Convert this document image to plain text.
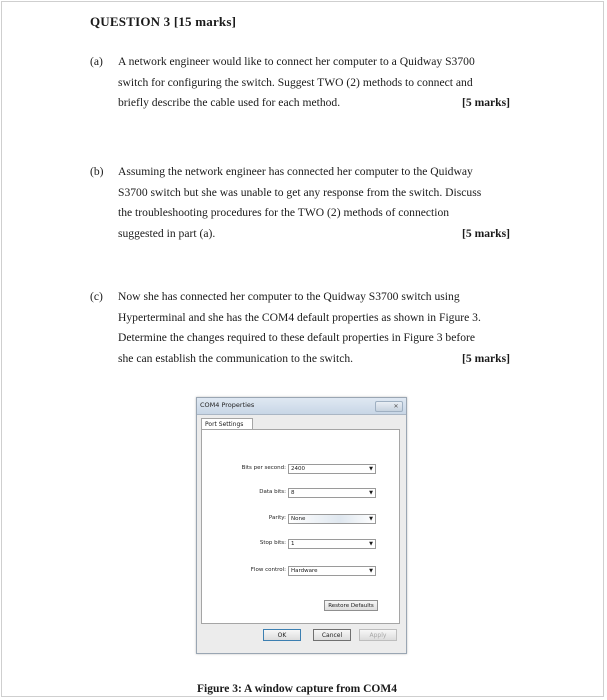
QUESTION 3 [15 marks]
(a) A network engineer would like to connect her computer to a Quidway S3700
switch for configuring the switch. Suggest TWO (2) methods to connect and
briefly describe the cable used for each method.	[5 marks]
(b) Assuming the network engineer has connected her computer to the Quidway
S3700 switch but she was unable to get any response from the switch. Discuss
the troubleshooting procedures for the TWO (2) methods of connection
suggested in part (a).	[5 marks]
(c) Now she has connected her computer to the Quidway S3700 switch using
Hyperterminal and she has the COM4 default properties as shown in Figure 3.
Determine the changes required to these default properties in Figure 3 before
she can establish the communication to the switch.	[5 marks]
COM4 Properties	✕
Port Settings
Bits per second: 2400	▼
Data bits: 8	▼
Parity: None	▼
Stop bits: 1	▼
Flow control: Hardware	▼
Restore Defaults
OK	Cancel	Apply
Figure 3: A window capture from COM4
